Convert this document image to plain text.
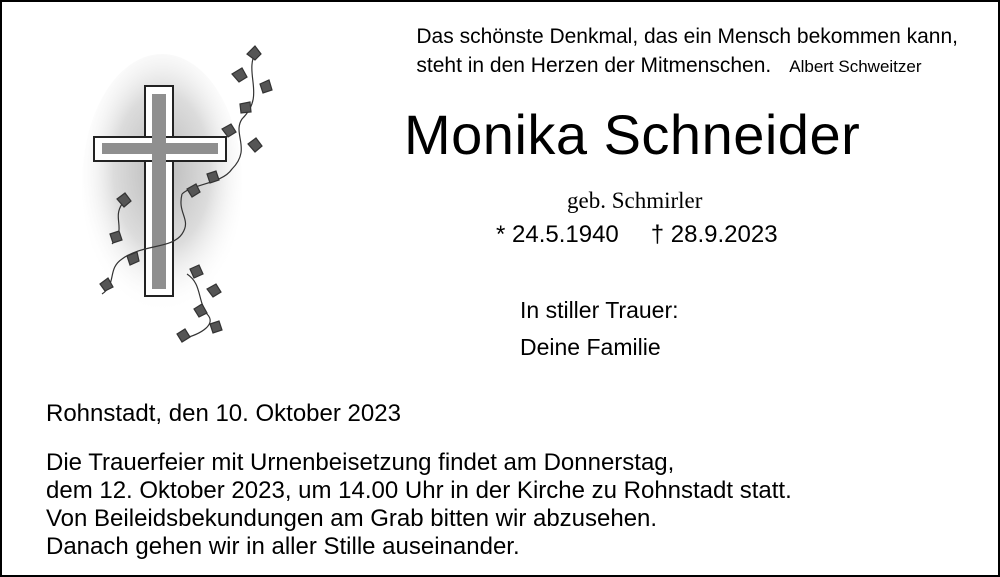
Das schönste Denkmal, das ein Mensch bekommen kann,
steht in den Herzen der Mitmenschen. Albert Schweitzer
Monika Schneider
geb. Schmirler
* 24.5.1940 † 28.9.2023
In stiller Trauer:
Deine Familie
Rohnstadt, den 10. Oktober 2023
Die Trauerfeier mit Urnenbeisetzung findet am Donnerstag,
dem 12. Oktober 2023, um 14.00 Uhr in der Kirche zu Rohnstadt statt.
Von Beileidsbekundungen am Grab bitten wir abzusehen.
Danach gehen wir in aller Stille auseinander.
